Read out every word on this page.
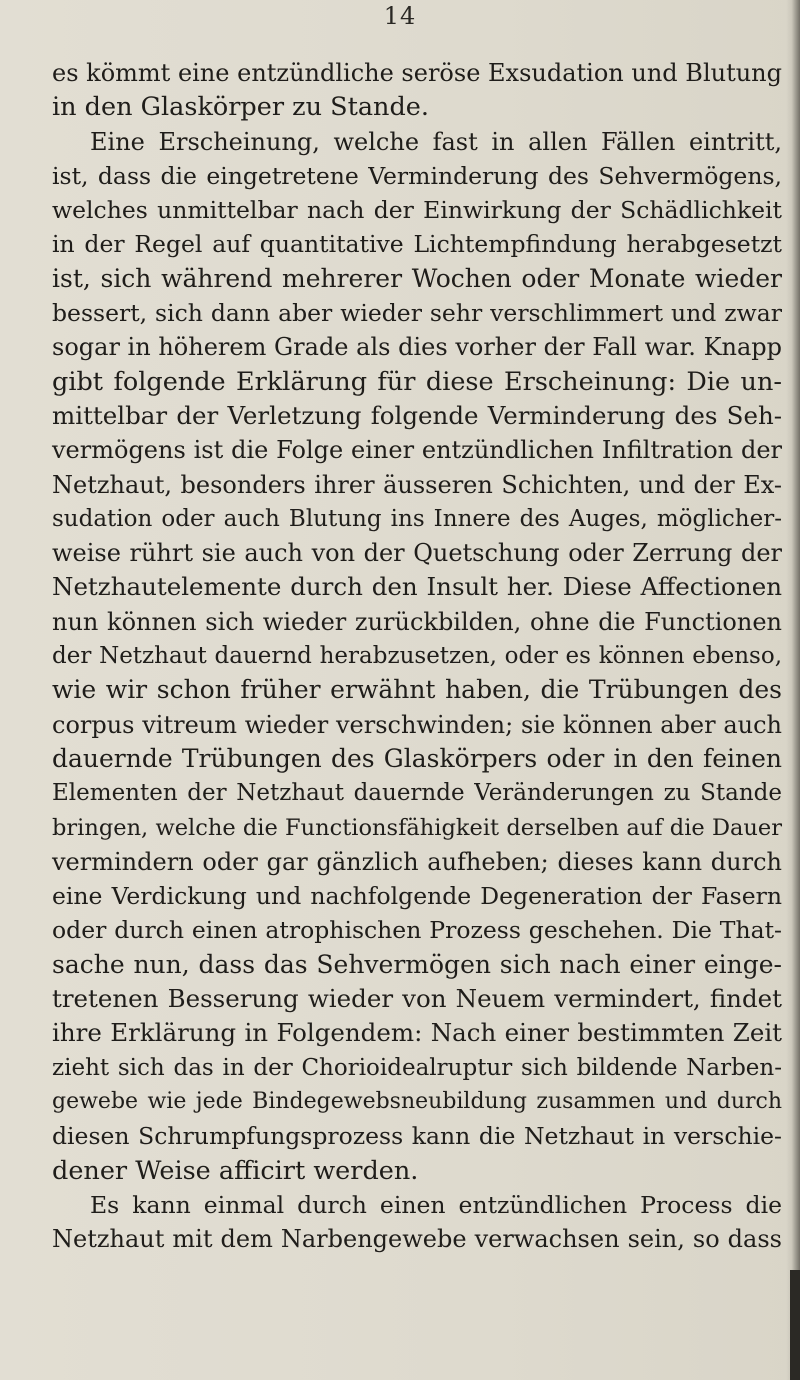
14
es kömmt eine entzündliche seröse Exsudation und Blutung
in den Glaskörper zu Stande.
Eine Erscheinung, welche fast in allen Fällen eintritt,
ist, dass die eingetretene Verminderung des Sehvermögens,
welches unmittelbar nach der Einwirkung der Schädlichkeit
in der Regel auf quantitative Lichtempfindung herabgesetzt
ist, sich während mehrerer Wochen oder Monate wieder
bessert, sich dann aber wieder sehr verschlimmert und zwar
sogar in höherem Grade als dies vorher der Fall war. Knapp
gibt folgende Erklärung für diese Erscheinung: Die un-
mittelbar der Verletzung folgende Verminderung des Seh-
vermögens ist die Folge einer entzündlichen Infiltration der
Netzhaut, besonders ihrer äusseren Schichten, und der Ex-
sudation oder auch Blutung ins Innere des Auges, möglicher-
weise rührt sie auch von der Quetschung oder Zerrung der
Netzhautelemente durch den Insult her. Diese Affectionen
nun können sich wieder zurückbilden, ohne die Functionen
der Netzhaut dauernd herabzusetzen, oder es können ebenso,
wie wir schon früher erwähnt haben, die Trübungen des
corpus vitreum wieder verschwinden; sie können aber auch
dauernde Trübungen des Glaskörpers oder in den feinen
Elementen der Netzhaut dauernde Veränderungen zu Stande
bringen, welche die Functionsfähigkeit derselben auf die Dauer
vermindern oder gar gänzlich aufheben; dieses kann durch
eine Verdickung und nachfolgende Degeneration der Fasern
oder durch einen atrophischen Prozess geschehen. Die That-
sache nun, dass das Sehvermögen sich nach einer einge-
tretenen Besserung wieder von Neuem vermindert, findet
ihre Erklärung in Folgendem: Nach einer bestimmten Zeit
zieht sich das in der Chorioidealruptur sich bildende Narben-
gewebe wie jede Bindegewebsneubildung zusammen und durch
diesen Schrumpfungsprozess kann die Netzhaut in verschie-
dener Weise afficirt werden.
Es kann einmal durch einen entzündlichen Process die
Netzhaut mit dem Narbengewebe verwachsen sein, so dass
